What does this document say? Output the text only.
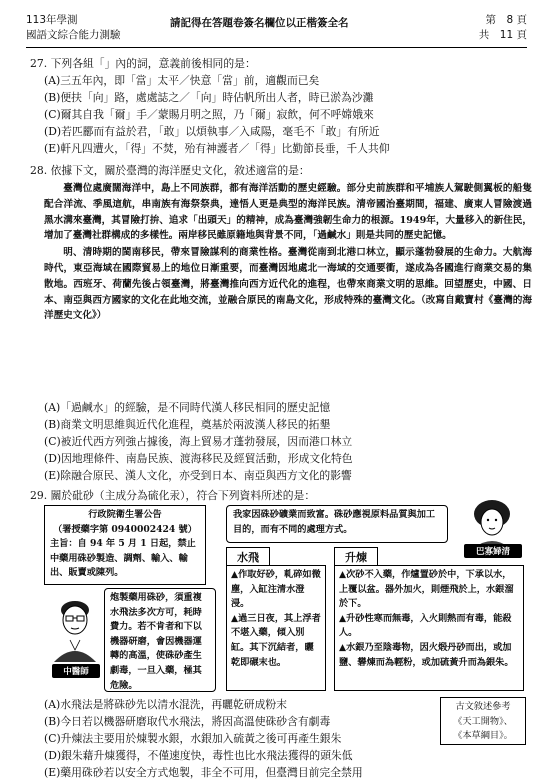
113年學測
國語文綜合能力測驗
請記得在答題卷簽名欄位以正楷簽全名	第　8 頁
共　11 頁

27. 下列各組「」內的詞，意義前後相同的是：

(A)三五年內，即「當」太平／快意「當」前，適觀而已矣

(B)便扶「向」路，處處誌之／「向」時佔帆所出人者，時已淤為沙灘

(C)爾其自我「爾」手／蒙賜月明之照，乃「爾」寂飲，何不呼嫦娥來

(D)若匹酈而有益於君，「敢」以煩執事／入咸陽，毫毛不「敢」有所近

(E)軒凡四遭火，「得」不焚，殆有神護者／「得」比勤節長垂，千人共仰

28. 依據下文，關於臺灣的海洋歷史文化，敘述適當的是：

臺灣位處廣闊海洋中，島上不同族群，都有海洋活動的歷史經驗。部分史前族群和平埔族人駕駛側翼板的船隻配合洋流、季風這航，串南族有海祭祭典，達悟人更是典型的海洋民族。清帝國治臺期間，福建、廣東人冒險渡過黑水溝來臺灣，其冒險打拚、追求「出頭天」的精神，成為臺灣強韌生命力的根源。1949年，大量移入的新住民，增加了臺灣社群構成的多樣性。兩岸移民雖原籍地與背景不同，「過鹹水」則是共同的歷史記憶。

明、清時期的閩南移民，帶來冒險謀利的商業性格。臺灣從南到北港口林立，顯示蓬勃發展的生命力。大航海時代，東亞海域在國際貿易上的地位日漸重要，而臺灣因地處北一海域的交通要衝，遂成為各國進行商業交易的集散地。西班牙、荷蘭先後占領臺灣，將臺灣推向西方近代化的進程，也帶來商業文明的思維。回望歷史，中國、日本、南亞與西方國家的文化在此地交流，並融合原民的南島文化，形成特殊的臺灣文化。（改寫自戴寶村《臺灣的海洋歷史文化》）

(A)「過鹹水」的經驗，是不同時代漢人移民相同的歷史記憶

(B)商業文明思維與近代化進程，奠基於兩波漢人移民的拓墾

(C)被近代西方列強占據後，海上貿易才蓬勃發展，因而港口林立

(D)因地理條件、南島民族、渡海移民及經貿活動，形成文化特色

(E)除融合原民、漢人文化，亦受到日本、南亞與西方文化的影響

29. 關於砒砂（主成分為硫化汞），符合下列資料所述的是：

行政院衛生署公告
（署授藥字第 0940002424 號）
主旨：自 94 年 5 月 1 日起，禁止中藥用硃砂製造、調劑、輸入、輸出、販賣或陳列。
我家因硃砂礦業而致富。硃砂應視原料品質與加工目的，而有不同的處理方式。
巴寡婦清
炮製藥用硃砂，須重複水飛法多次方可，耗時費力。若不肯者和下以機器研磨，會因機器運轉的高溫，使硃砂產生劇毒，一旦入藥，極其危險。
中醫師
水飛	升煉
▲作取好砂，軋碎如微塵，入缸注清水澄浸。
▲過三日夜，其上浮者不堪入藥，傾入別缸。其下沉結者，曬乾即碾末也。
▲次砂不入藥，作爐置砂於中，下承以水，上覆以盆。器外加火，則煙飛於上，水銀溜於下。
▲升砂性寒而無毒，入火則熱而有毒，能殺人。
▲水銀乃至陰毒物，因火煅丹砂而出，或加鹽、礬煉而為輕粉，或加硫黃升而為銀朱。

(A)水飛法是將硃砂先以清水混洗，再曬乾研成粉末

(B)今日若以機器研磨取代水飛法，將因高溫使硃砂含有劇毒

(C)升煉法主要用於煉製水銀，水銀加入硫黃之後可再產生銀朱

(D)銀朱藉升煉獲得，不僅速度快，毒性也比水飛法獲得的頭朱低

(E)藥用硃砂若以安全方式炮製，非全不可用，但臺灣目前完全禁用

古文敘述參考
《天工開物》、
《本草綱目》。
